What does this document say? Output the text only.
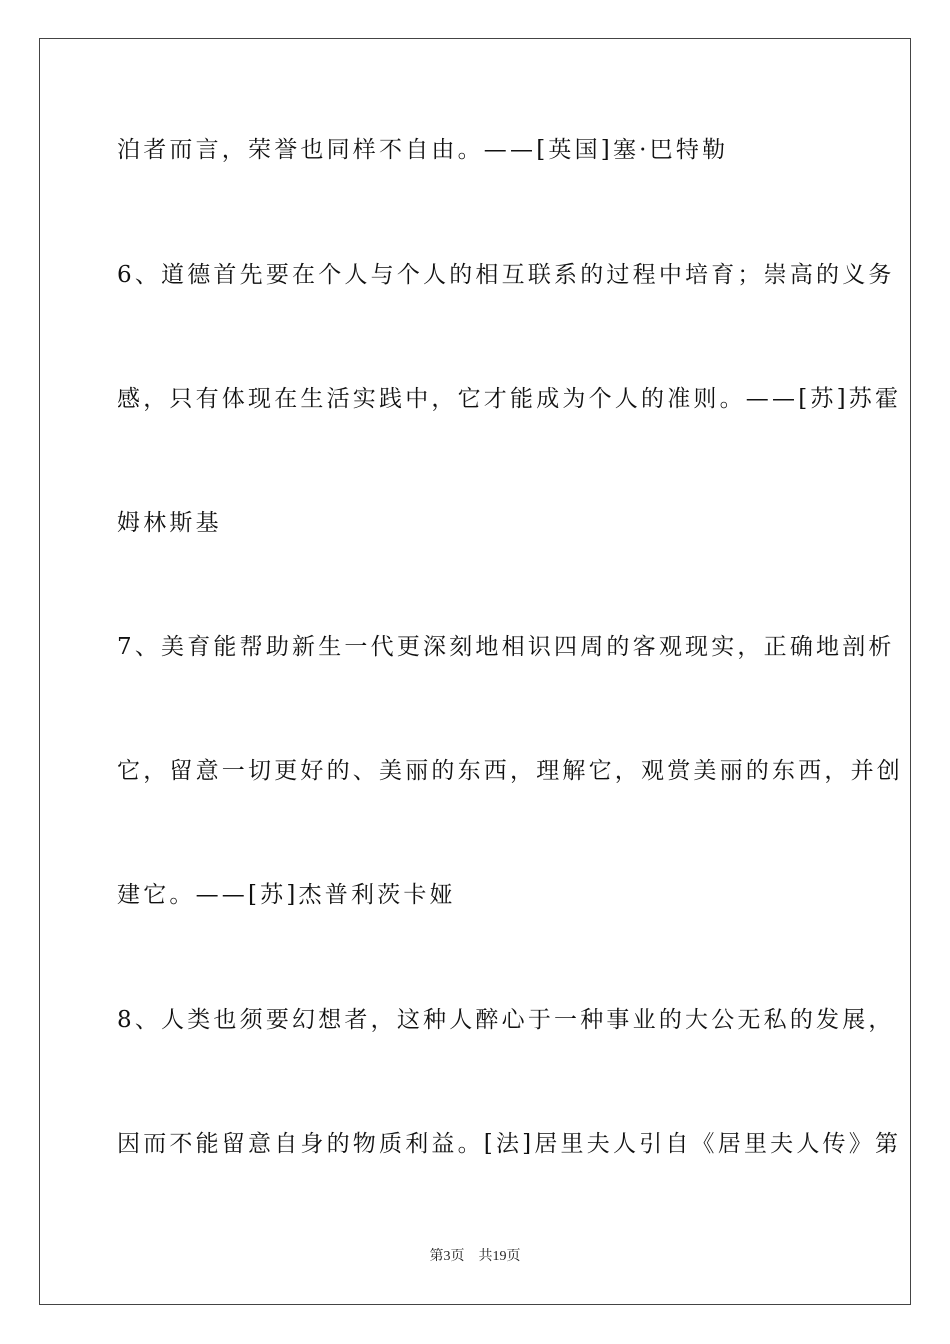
泊者而言，荣誉也同样不自由。——[英国]塞·巴特勒
6、道德首先要在个人与个人的相互联系的过程中培育；崇高的义务
感，只有体现在生活实践中，它才能成为个人的准则。——[苏]苏霍
姆林斯基
7、美育能帮助新生一代更深刻地相识四周的客观现实，正确地剖析
它，留意一切更好的、美丽的东西，理解它，观赏美丽的东西，并创
建它。——[苏]杰普利茨卡娅
8、人类也须要幻想者，这种人醉心于一种事业的大公无私的发展，
因而不能留意自身的物质利益。[法]居里夫人引自《居里夫人传》第
第3页 共19页
